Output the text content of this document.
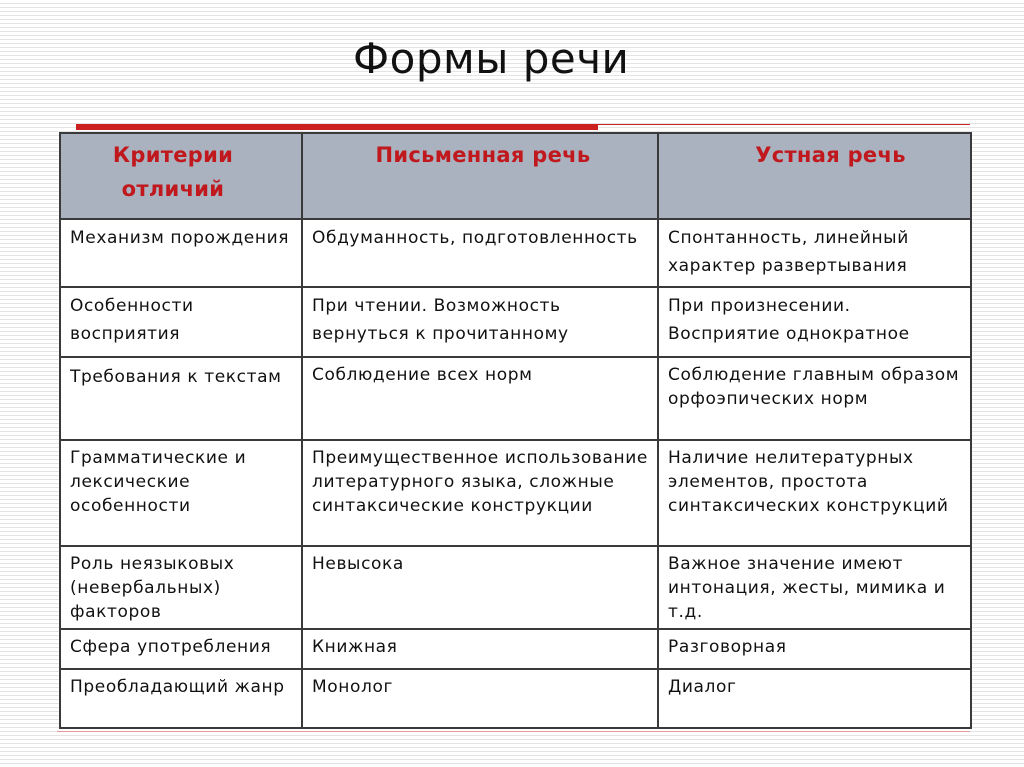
Формы речи
Критерии отличий	Письменная речь	Устная речь
Механизм порождения	Обдуманность, подготовленность	Спонтанность, линейный характер развертывания
Особенности восприятия	При чтении. Возможность вернуться к прочитанному	При произнесении. Восприятие однократное
Требования к текстам	Соблюдение всех норм	Соблюдение главным образом орфоэпических норм
Грамматические и лексические особенности	Преимущественное использование литературного языка, сложные синтаксические конструкции	Наличие нелитературных элементов, простота синтаксических конструкций
Роль неязыковых (невербальных) факторов	Невысока	Важное значение имеют интонация, жесты, мимика и т.д.
Сфера употребления	Книжная	Разговорная
Преобладающий жанр	Монолог	Диалог
